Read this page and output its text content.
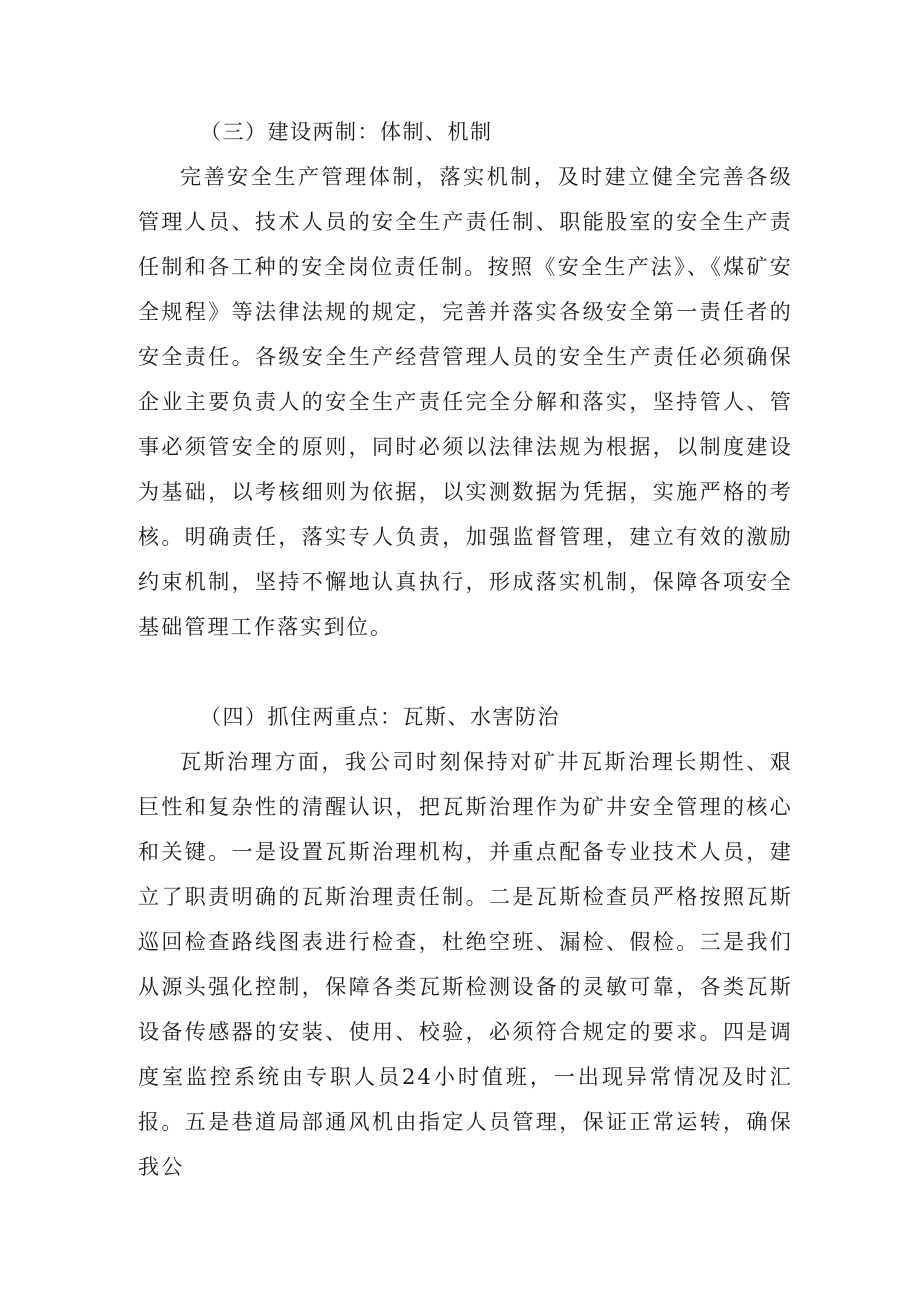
（三）建设两制：体制、机制

完善安全生产管理体制，落实机制，及时建立健全完善各级管理人员、技术人员的安全生产责任制、职能股室的安全生产责任制和各工种的安全岗位责任制。按照《安全生产法》、《煤矿安全规程》等法律法规的规定，完善并落实各级安全第一责任者的安全责任。各级安全生产经营管理人员的安全生产责任必须确保企业主要负责人的安全生产责任完全分解和落实，坚持管人、管事必须管安全的原则，同时必须以法律法规为根据，以制度建设为基础，以考核细则为依据，以实测数据为凭据，实施严格的考核。明确责任，落实专人负责，加强监督管理，建立有效的激励约束机制，坚持不懈地认真执行，形成落实机制，保障各项安全基础管理工作落实到位。

（四）抓住两重点：瓦斯、水害防治

瓦斯治理方面，我公司时刻保持对矿井瓦斯治理长期性、艰巨性和复杂性的清醒认识，把瓦斯治理作为矿井安全管理的核心和关键。一是设置瓦斯治理机构，并重点配备专业技术人员，建立了职责明确的瓦斯治理责任制。二是瓦斯检查员严格按照瓦斯巡回检查路线图表进行检查，杜绝空班、漏检、假检。三是我们从源头强化控制，保障各类瓦斯检测设备的灵敏可靠，各类瓦斯设备传感器的安装、使用、校验，必须符合规定的要求。四是调度室监控系统由专职人员24小时值班，一出现异常情况及时汇报。五是巷道局部通风机由指定人员管理，保证正常运转，确保我公
